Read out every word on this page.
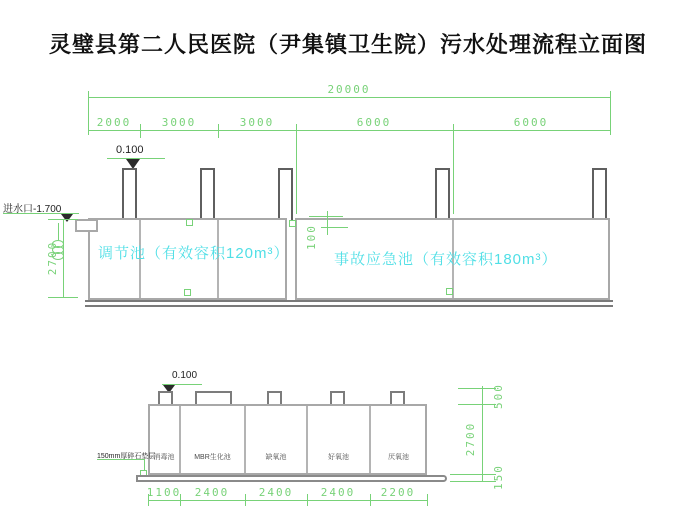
灵璧县第二人民医院（尹集镇卫生院）污水处理流程立面图
20000
2000	3000	3000	6000	6000
0.100
调节池（有效容积120m³）	事故应急池（有效容积180m³）
进水口-1.700
2700
100
0.100
消毒池	MBR生化池	缺氧池	好氧池	厌氧池
150mm厚碎石垫层
1100	2400	2400	2400	2200
500
2700
150
